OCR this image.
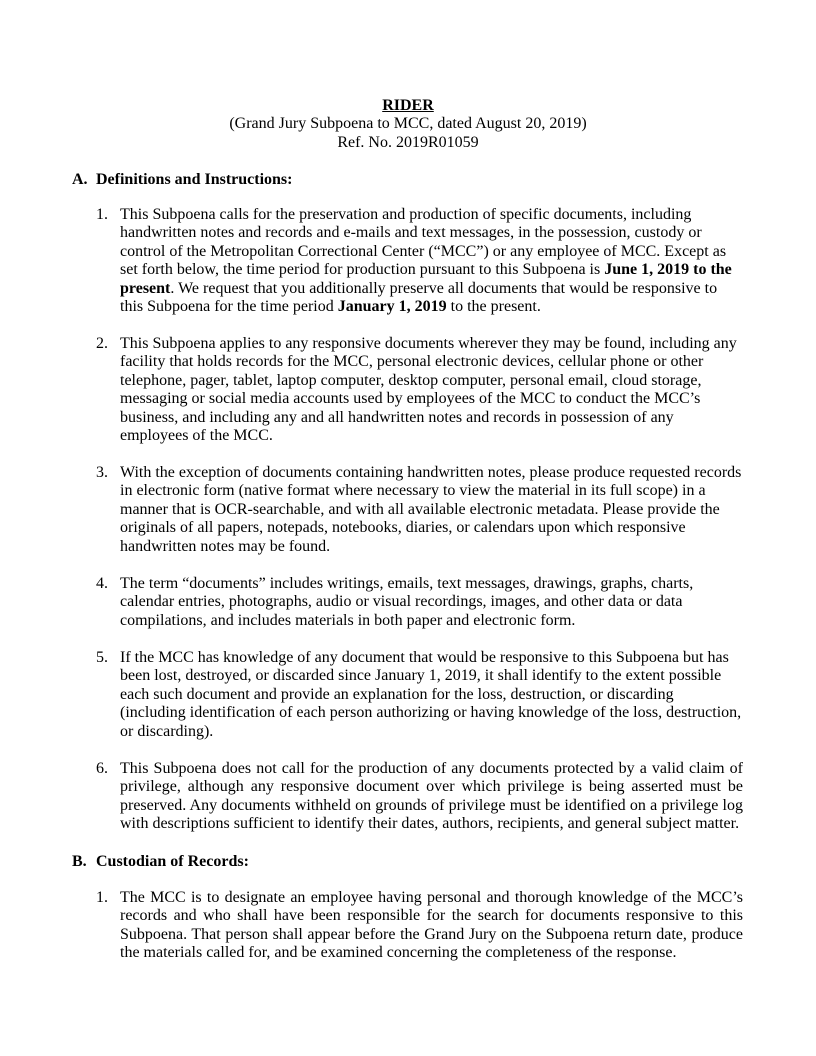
RIDER
(Grand Jury Subpoena to MCC, dated August 20, 2019)
Ref. No. 2019R01059
A. Definitions and Instructions:
1. This Subpoena calls for the preservation and production of specific documents, including handwritten notes and records and e-mails and text messages, in the possession, custody or control of the Metropolitan Correctional Center (“MCC”) or any employee of MCC. Except as set forth below, the time period for production pursuant to this Subpoena is June 1, 2019 to the present. We request that you additionally preserve all documents that would be responsive to this Subpoena for the time period January 1, 2019 to the present.
2. This Subpoena applies to any responsive documents wherever they may be found, including any facility that holds records for the MCC, personal electronic devices, cellular phone or other telephone, pager, tablet, laptop computer, desktop computer, personal email, cloud storage, messaging or social media accounts used by employees of the MCC to conduct the MCC’s business, and including any and all handwritten notes and records in possession of any employees of the MCC.
3. With the exception of documents containing handwritten notes, please produce requested records in electronic form (native format where necessary to view the material in its full scope) in a manner that is OCR-searchable, and with all available electronic metadata. Please provide the originals of all papers, notepads, notebooks, diaries, or calendars upon which responsive handwritten notes may be found.
4. The term “documents” includes writings, emails, text messages, drawings, graphs, charts, calendar entries, photographs, audio or visual recordings, images, and other data or data compilations, and includes materials in both paper and electronic form.
5. If the MCC has knowledge of any document that would be responsive to this Subpoena but has been lost, destroyed, or discarded since January 1, 2019, it shall identify to the extent possible each such document and provide an explanation for the loss, destruction, or discarding (including identification of each person authorizing or having knowledge of the loss, destruction, or discarding).
6. This Subpoena does not call for the production of any documents protected by a valid claim of privilege, although any responsive document over which privilege is being asserted must be preserved. Any documents withheld on grounds of privilege must be identified on a privilege log with descriptions sufficient to identify their dates, authors, recipients, and general subject matter.
B. Custodian of Records:
1. The MCC is to designate an employee having personal and thorough knowledge of the MCC’s records and who shall have been responsible for the search for documents responsive to this Subpoena. That person shall appear before the Grand Jury on the Subpoena return date, produce the materials called for, and be examined concerning the completeness of the response.
